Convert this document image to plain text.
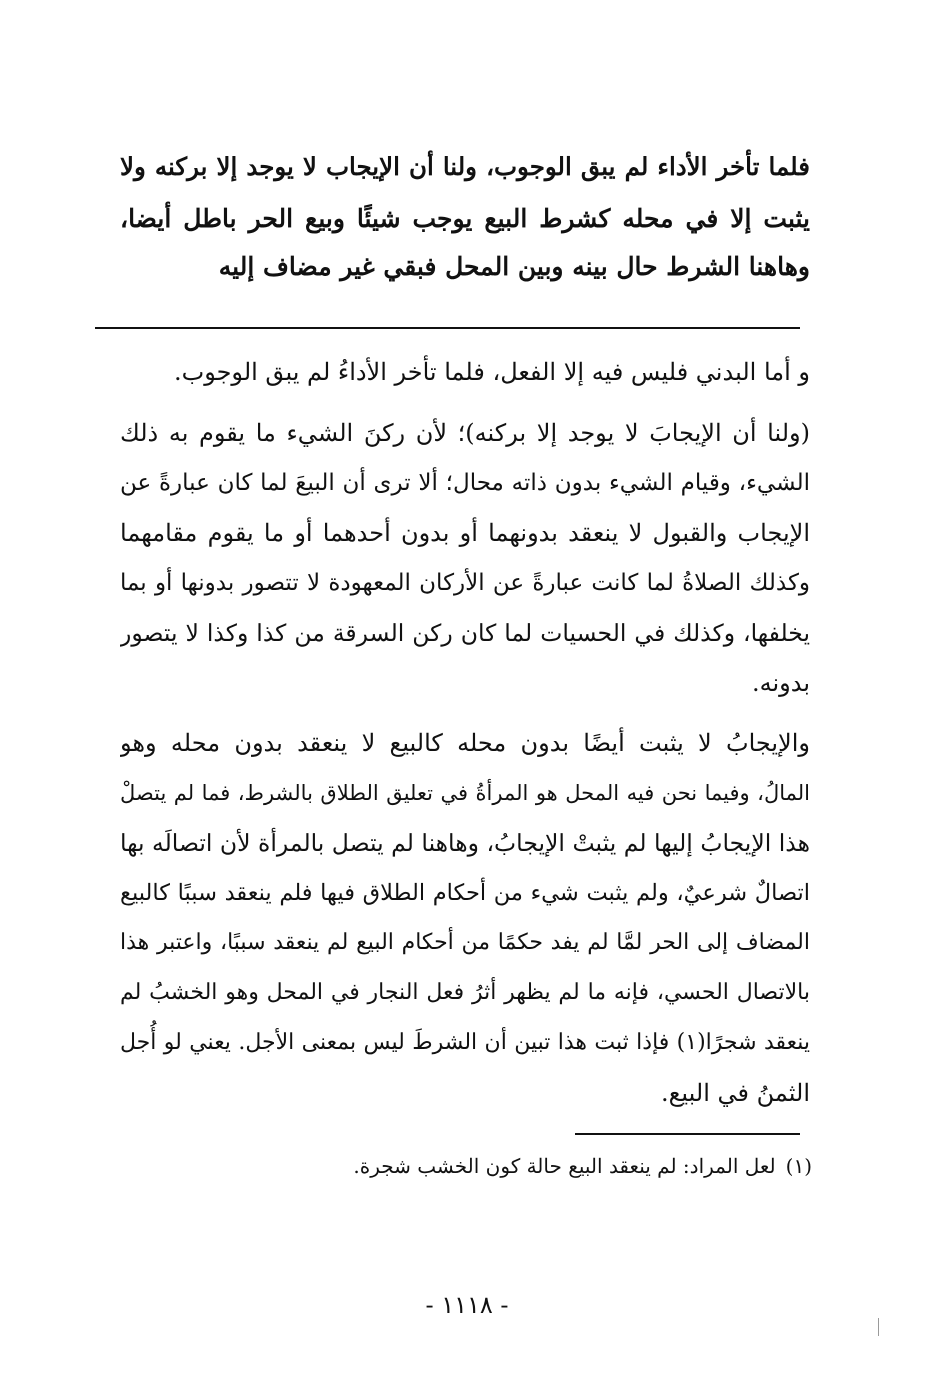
فلما تأخر الأداء لم يبق الوجوب، ولنا أن الإيجاب لا يوجد إلا بركنه ولا
يثبت إلا في محله كشرط البيع يوجب شيئًا وبيع الحر باطل أيضا،
وهاهنا الشرط حال بينه وبين المحل فبقي غير مضاف إليه
و أما البدني فليس فيه إلا الفعل، فلما تأخر الأداءُ لم يبق الوجوب.
(ولنا أن الإيجابَ لا يوجد إلا بركنه)؛ لأن ركنَ الشيء ما يقوم به ذلك
الشيء، وقيام الشيء بدون ذاته محال؛ ألا ترى أن البيعَ لما كان عبارةً عن
الإيجاب والقبول لا ينعقد بدونهما أو بدون أحدهما أو ما يقوم مقامهما
وكذلك الصلاةُ لما كانت عبارةً عن الأركان المعهودة لا تتصور بدونها أو بما
يخلفها، وكذلك في الحسيات لما كان ركن السرقة من كذا وكذا لا يتصور
بدونه.
والإيجابُ لا يثبت أيضًا بدون محله كالبيع لا ينعقد بدون محله وهو
المالُ، وفيما نحن فيه المحل هو المرأةُ في تعليق الطلاق بالشرط، فما لم يتصلْ
هذا الإيجابُ إليها لم يثبتْ الإيجابُ، وهاهنا لم يتصل بالمرأة لأن اتصالَه بها
اتصالٌ شرعيٌ، ولم يثبت شيء من أحكام الطلاق فيها فلم ينعقد سببًا كالبيع
المضاف إلى الحر لمَّا لم يفد حكمًا من أحكام البيع لم ينعقد سببًا، واعتبر هذا
بالاتصال الحسي، فإنه ما لم يظهر أثرُ فعل النجار في المحل وهو الخشبُ لم
ينعقد شجرًا(١) فإذا ثبت هذا تبين أن الشرطَ ليس بمعنى الأجل. يعني لو أُجل
الثمنُ في البيع.
(١)لعل المراد: لم ينعقد البيع حالة كون الخشب شجرة.
- ١١١٨ -
